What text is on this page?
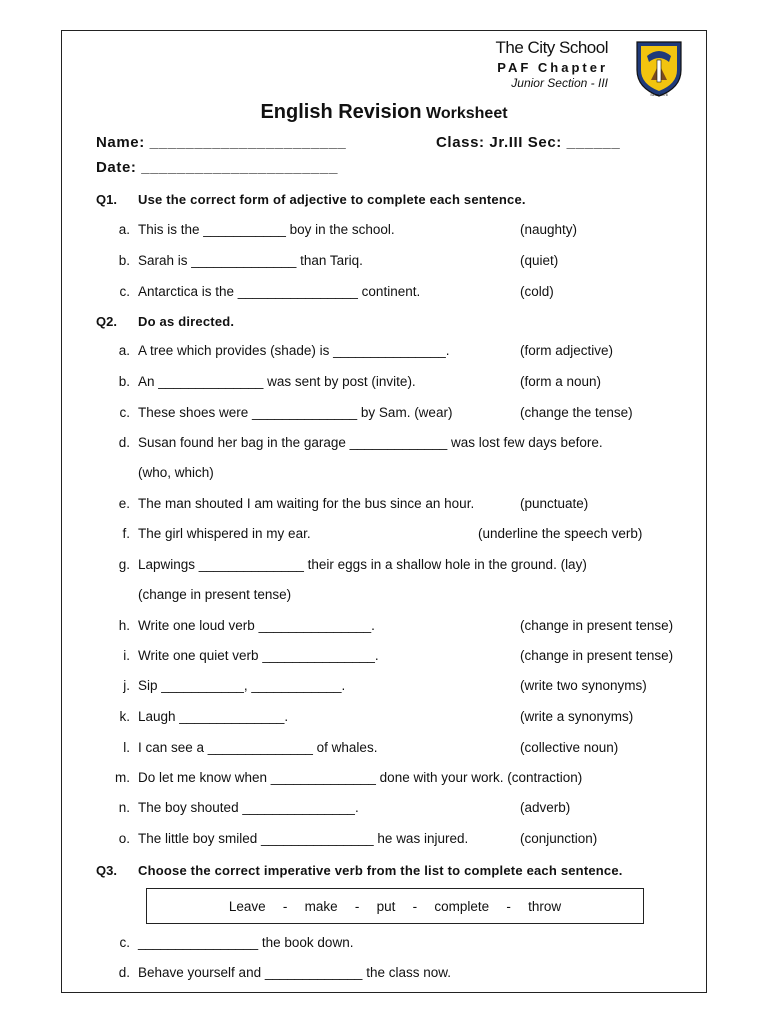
The City School
PAF Chapter
Junior Section - III
Since 1978
English Revision Worksheet
Name: ______________________	Class: Jr.III Sec: ______
Date: ______________________
Q1. Use the correct form of adjective to complete each sentence.
a. This is the ___________ boy in the school.	(naughty)
b. Sarah is ______________ than Tariq.	(quiet)
c. Antarctica is the ________________ continent.	(cold)
Q2. Do as directed.
a. A tree which provides (shade) is _______________.	(form adjective)
b. An ______________ was sent by post (invite).	(form a noun)
c. These shoes were ______________ by Sam. (wear)	(change the tense)
d. Susan found her bag in the garage _____________ was lost few days before.
(who, which)
e. The man shouted I am waiting for the bus since an hour.	(punctuate)
f. The girl whispered in my ear.	(underline the speech verb)
g. Lapwings ______________ their eggs in a shallow hole in the ground. (lay)
(change in present tense)
h. Write one loud verb _______________.	(change in present tense)
i. Write one quiet verb _______________.	(change in present tense)
j. Sip ___________, ____________.	(write two synonyms)
k. Laugh ______________.	(write a synonyms)
l. I can see a ______________ of whales.	(collective noun)
m. Do let me know when ______________ done with your work. (contraction)
n. The boy shouted _______________.	(adverb)
o. The little boy smiled _______________ he was injured.	(conjunction)
Q3. Choose the correct imperative verb from the list to complete each sentence.
Leave   -   make   -   put   -   complete   -   throw
c. ________________ the book down.
d. Behave yourself and _____________ the class now.
